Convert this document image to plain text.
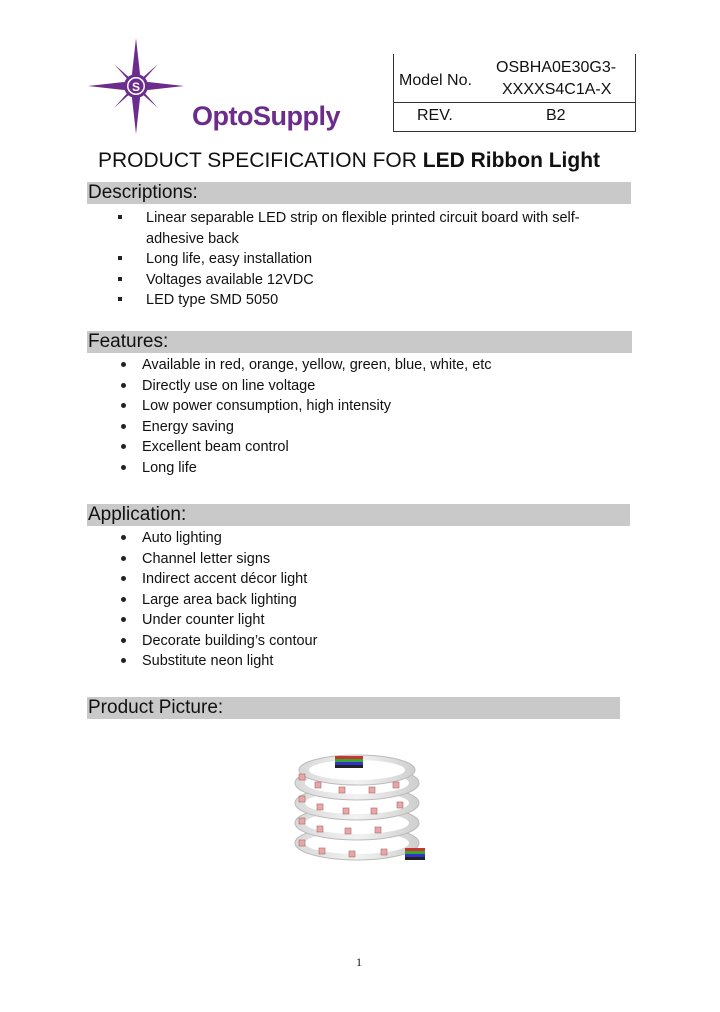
S
OptoSupply
Model No.
OSBHA0E30G3-
XXXXS4C1A-X
REV.	B2
PRODUCT SPECIFICATION FOR LED Ribbon Light
Descriptions:
Linear separable LED strip on flexible printed circuit board with self-adhesive back
Long life, easy installation
Voltages available 12VDC
LED type SMD 5050
Features:
Available in red, orange, yellow, green, blue, white, etc
Directly use on line voltage
Low power consumption, high intensity
Energy saving
Excellent beam control
Long life
Application:
Auto lighting
Channel letter signs
Indirect accent décor light
Large area back lighting
Under counter light
Decorate building’s contour
Substitute neon light
Product Picture:
1
